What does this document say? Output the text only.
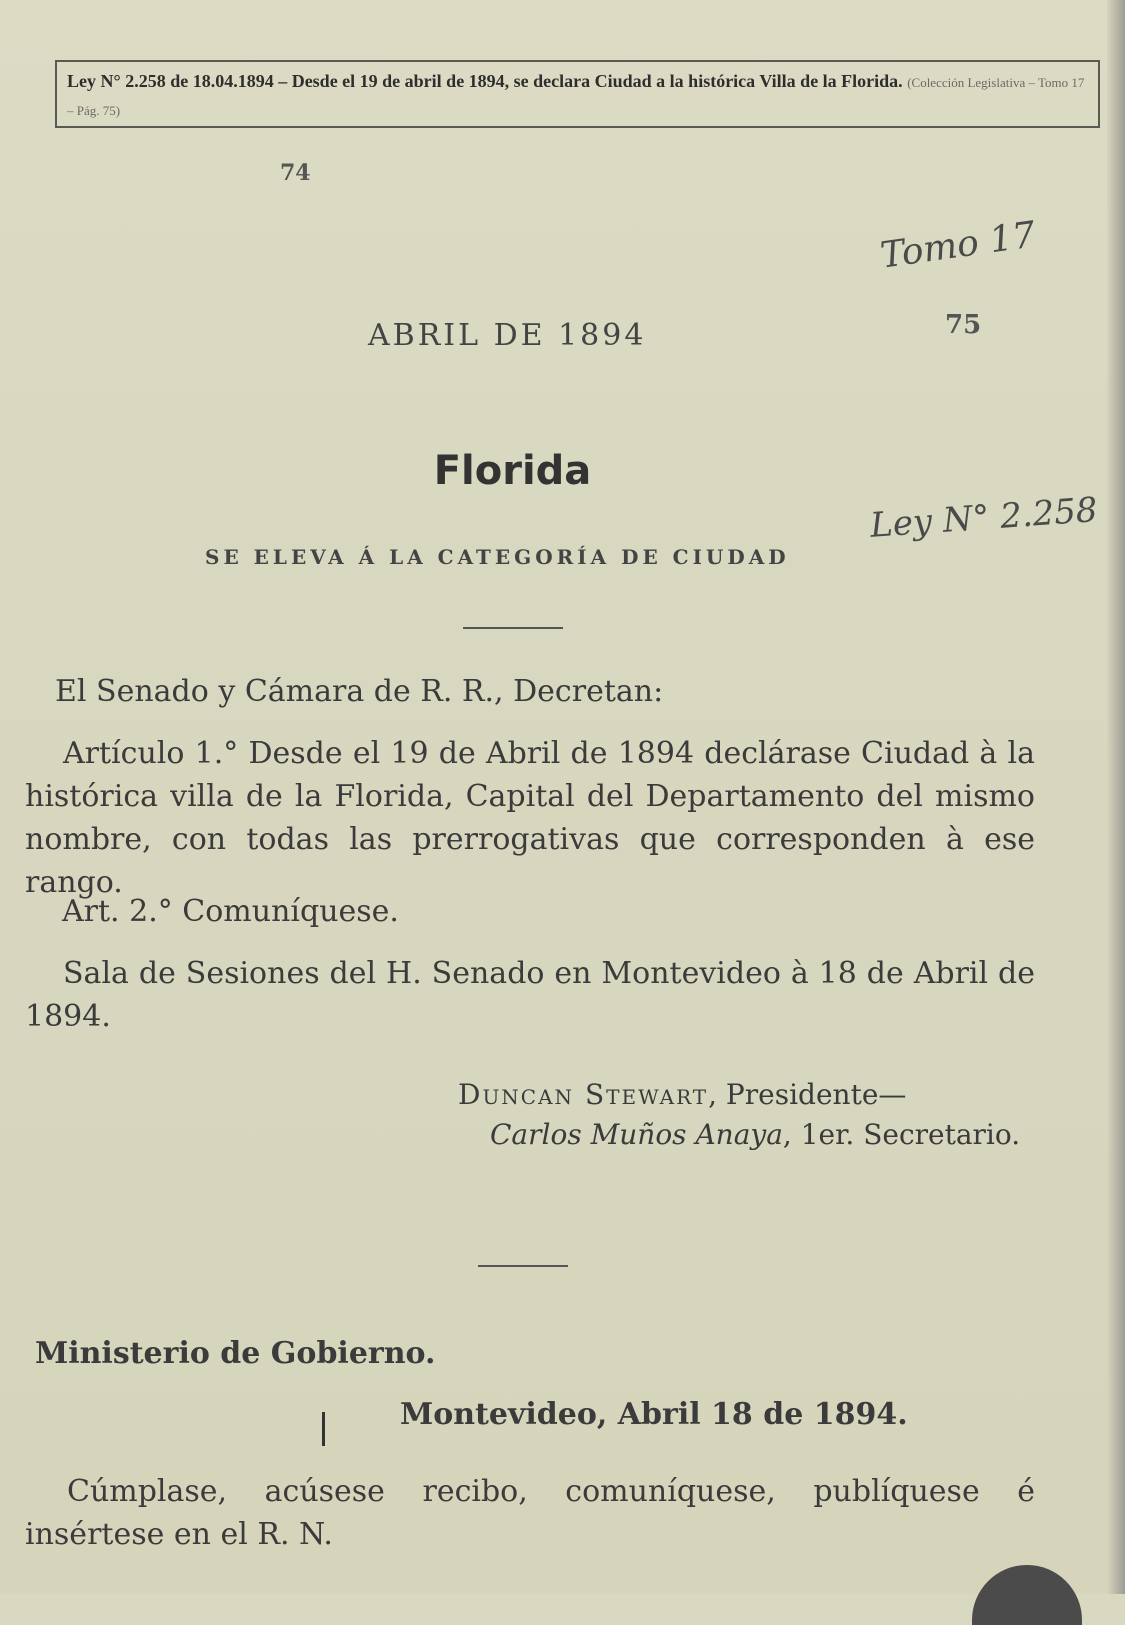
Ley N° 2.258 de 18.04.1894 – Desde el 19 de abril de 1894, se declara Ciudad a la histórica Villa de la Florida. (Colección Legislativa – Tomo 17 – Pág. 75)
74
Tomo 17
ABRIL DE 1894	75
Florida
SE ELEVA Á LA CATEGORÍA DE CIUDAD
Ley N° 2.258
El Senado y Cámara de R. R., Decretan:
Artículo 1.° Desde el 19 de Abril de 1894 declárase Ciudad à la histórica villa de la Florida, Capital del Departamento del mismo nombre, con todas las prerrogativas que corresponden à ese rango.
Art. 2.° Comuníquese.
Sala de Sesiones del H. Senado en Montevideo à 18 de Abril de 1894.
Duncan Stewart, Presidente—
Carlos Muños Anaya, 1er. Secretario.
Ministerio de Gobierno.
Montevideo, Abril 18 de 1894.
Cúmplase, acúsese recibo, comuníquese, publíquese é insértese en el R. N.
